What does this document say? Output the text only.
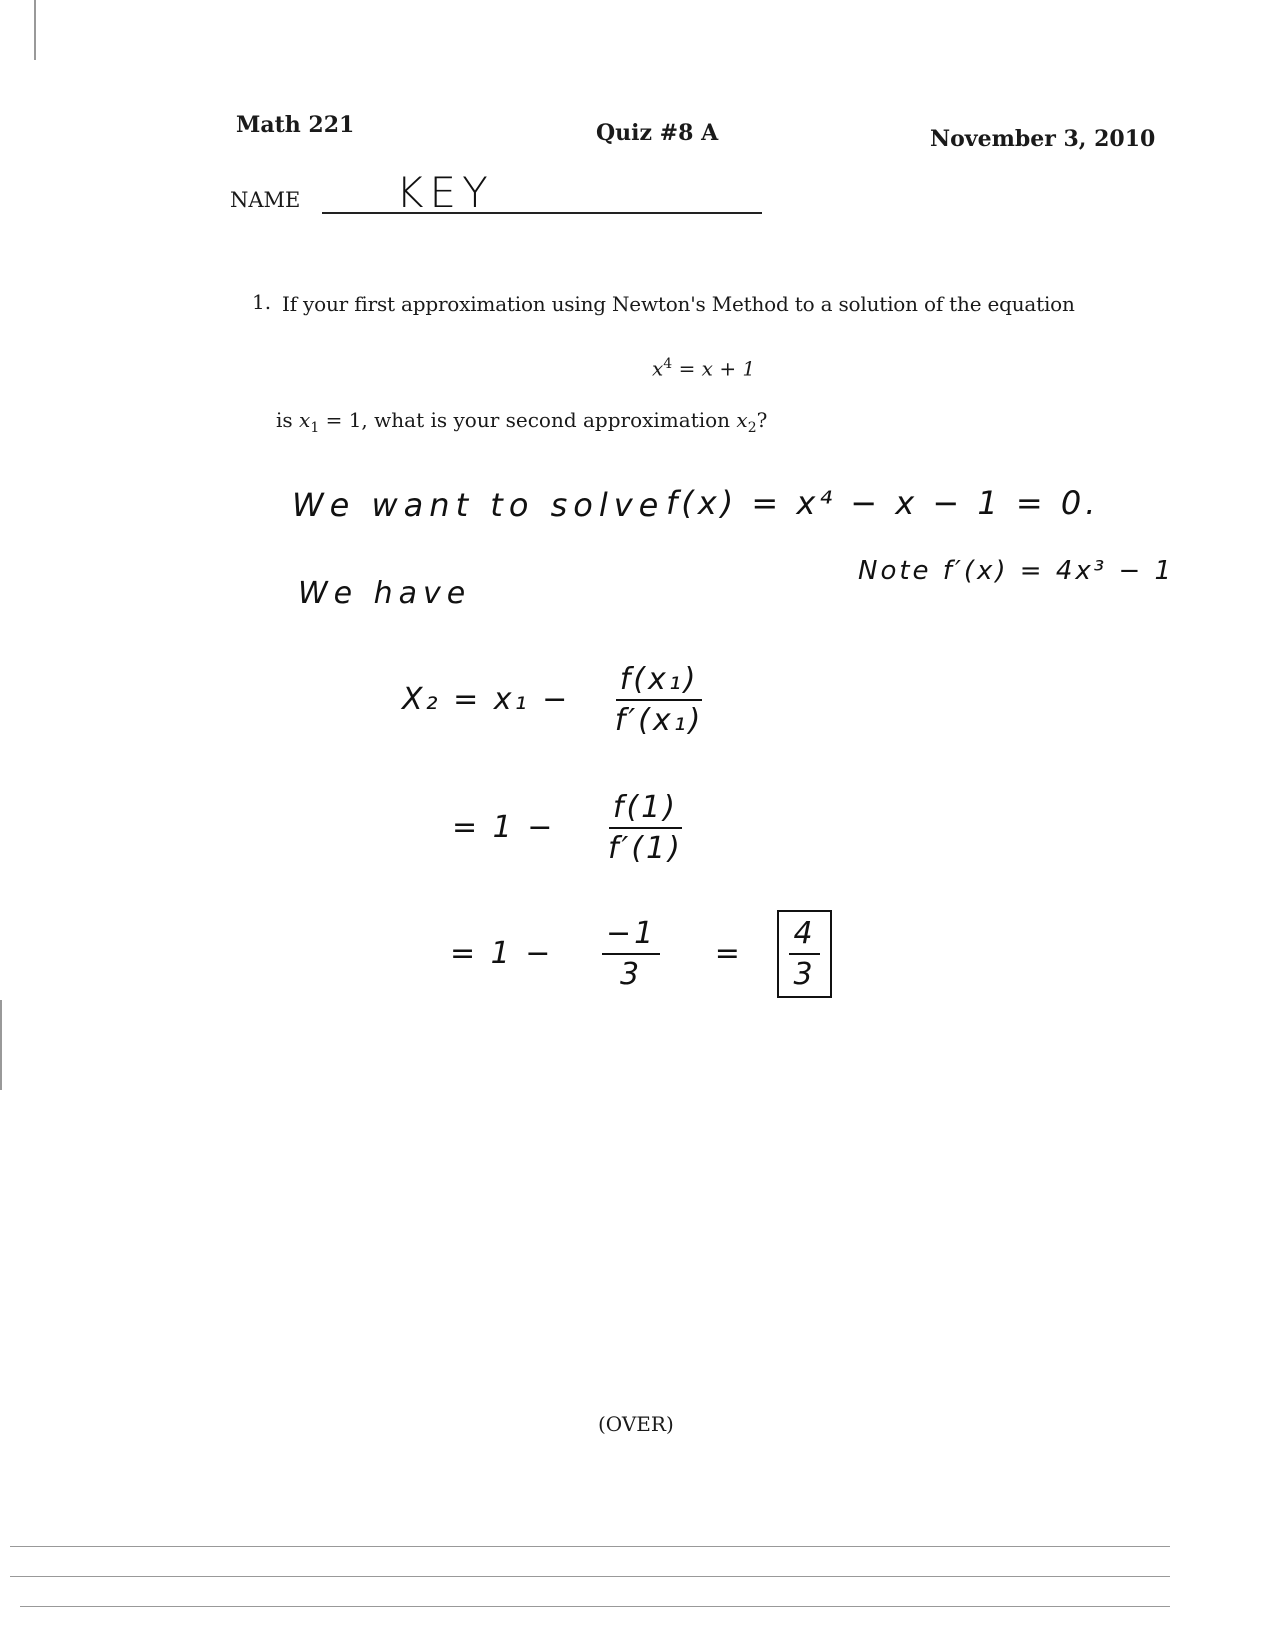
Math 221	Quiz #8 A	November 3, 2010
NAME KEY
1. If your first approximation using Newton's Method to a solution of the equation
$x^4 = x + 1$
is $x_1 = 1$, what is your second approximation $x_2$?
We want to solve f(x) = x⁴ − x − 1 = 0.
We have
Note f′(x) = 4x³ − 1
$X_2 = x_1 - \frac{\text{f(x₁)}}{\text{f′(x₁)}}$
= $1 - \frac{f(1)}{f'(1)}$
= $1 - \frac{-1}{3} = \frac{4}{3}$
(OVER)
